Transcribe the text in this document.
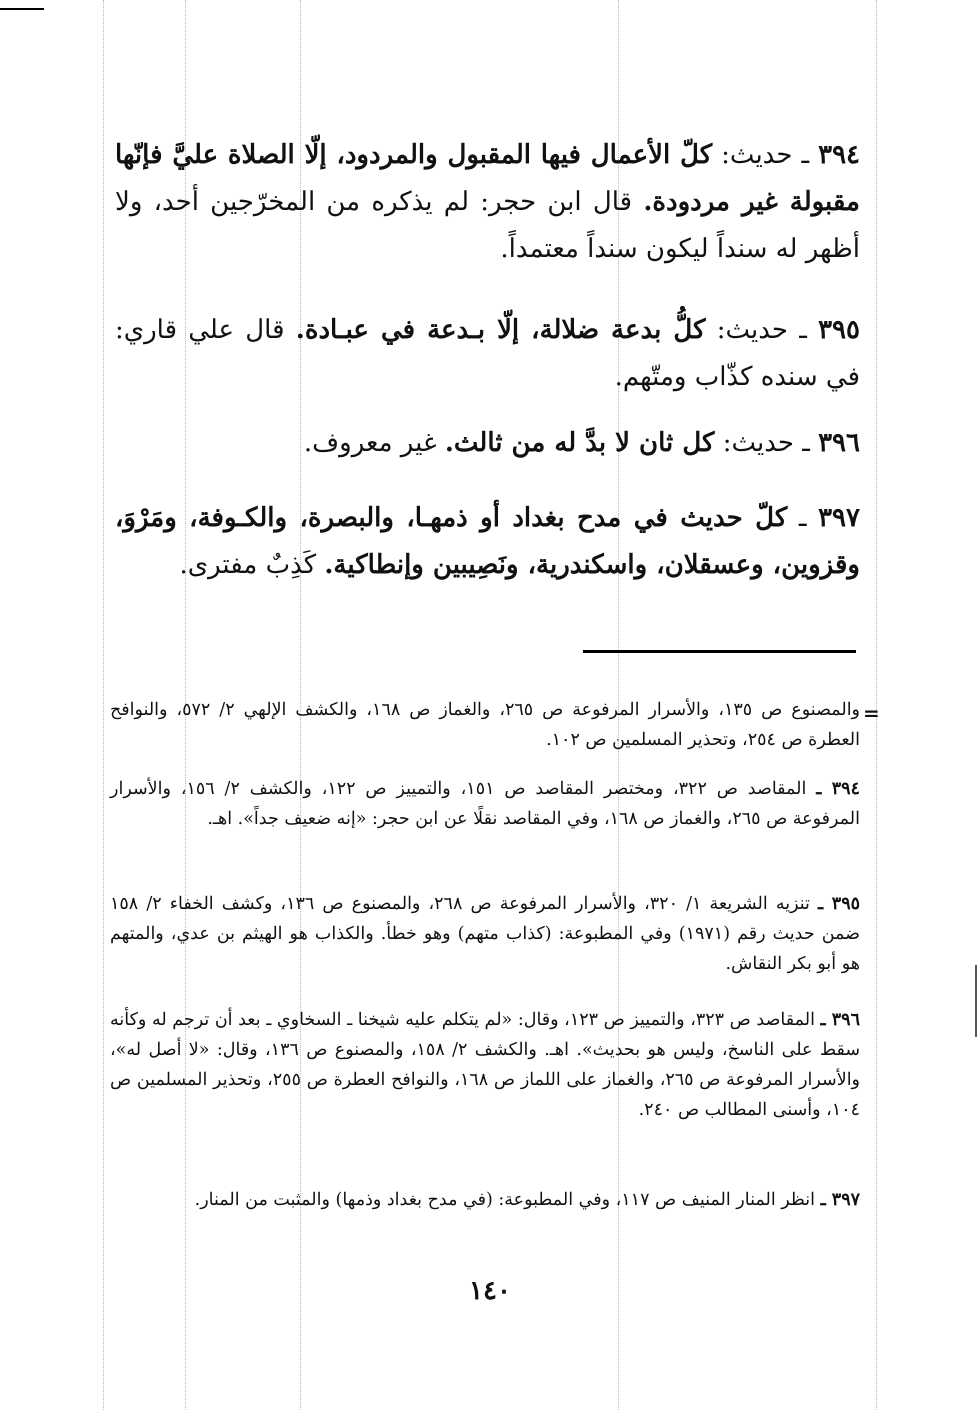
٣٩٤ ـ حديث: كلّ الأعمال فيها المقبول والمردود، إلّا الصلاة عليَّ فإنّها مقبولة غير مردودة. قال ابن حجر: لم يذكره من المخرّجين أحد، ولا أظهر له سنداً ليكون سنداً معتمداً.
٣٩٥ ـ حديث: كلُّ بدعة ضلالة، إلّا بـدعة في عبـادة. قال علي قاري: في سنده كذّاب ومتّهم.
٣٩٦ ـ حديث: كل ثان لا بدَّ له من ثالث. غير معروف.
٣٩٧ ـ كلّ حديث في مدح بغداد أو ذمهـا، والبصرة، والكـوفة، ومَرْوَ، وقزوين، وعسقلان، واسكندرية، ونَصِيبين وإنطاكية. كَذِبٌ مفترى.
=
والمصنوع ص ١٣٥، والأسرار المرفوعة ص ٢٦٥، والغماز ص ١٦٨، والكشف الإلهي ٢/ ٥٧٢، والنوافح العطرة ص ٢٥٤، وتحذير المسلمين ص ١٠٢.
٣٩٤ ـ المقاصد ص ٣٢٢، ومختصر المقاصد ص ١٥١، والتمييز ص ١٢٢، والكشف ٢/ ١٥٦، والأسرار المرفوعة ص ٢٦٥، والغماز ص ١٦٨، وفي المقاصد نقلًا عن ابن حجر: «إنه ضعيف جداً». اهـ.
٣٩٥ ـ تنزيه الشريعة ١/ ٣٢٠، والأسرار المرفوعة ص ٢٦٨، والمصنوع ص ١٣٦، وكشف الخفاء ٢/ ١٥٨ ضمن حديث رقم (١٩٧١) وفي المطبوعة: (كذاب متهم) وهو خطأ. والكذاب هو الهيثم بن عدي، والمتهم هو أبو بكر النقاش.
٣٩٦ ـ المقاصد ص ٣٢٣، والتمييز ص ١٢٣، وقال: «لم يتكلم عليه شيخنا ـ السخاوي ـ بعد أن ترجم له وكأنه سقط على الناسخ، وليس هو بحديث». اهـ. والكشف ٢/ ١٥٨، والمصنوع ص ١٣٦، وقال: «لا أصل له»، والأسرار المرفوعة ص ٢٦٥، والغماز على اللماز ص ١٦٨، والنوافح العطرة ص ٢٥٥، وتحذير المسلمين ص ١٠٤، وأسنى المطالب ص ٢٤٠.
٣٩٧ ـ انظر المنار المنيف ص ١١٧، وفي المطبوعة: (في مدح بغداد وذمها) والمثبت من المنار.
١٤٠
